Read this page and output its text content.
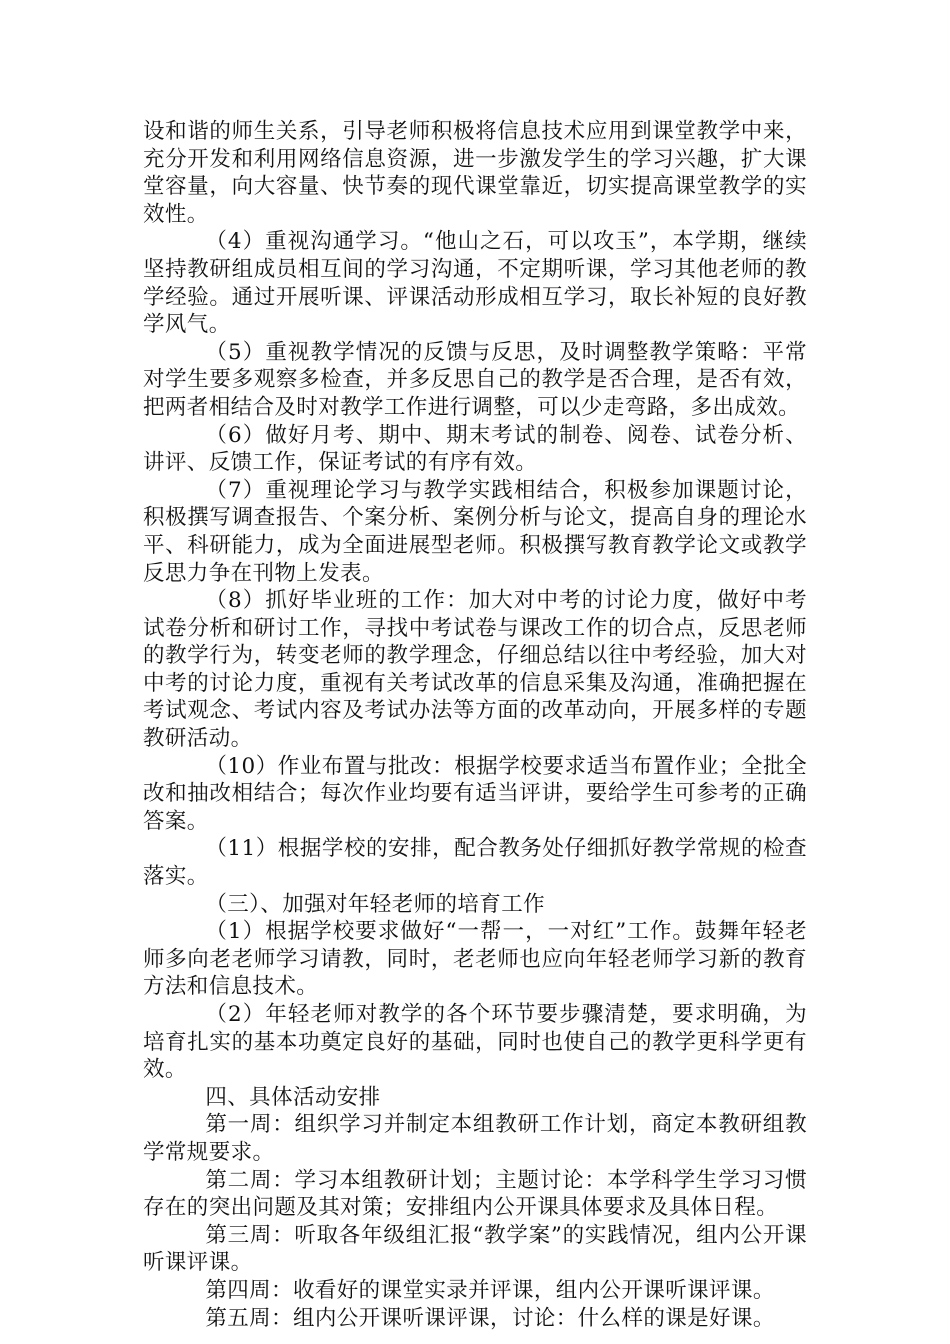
设和谐的师生关系，引导老师积极将信息技术应用到课堂教学中来，充分开发和利用网络信息资源，进一步激发学生的学习兴趣，扩大课堂容量，向大容量、快节奏的现代课堂靠近，切实提高课堂教学的实效性。

（4）重视沟通学习。“他山之石，可以攻玉”，本学期，继续坚持教研组成员相互间的学习沟通，不定期听课，学习其他老师的教学经验。通过开展听课、评课活动形成相互学习，取长补短的良好教学风气。

（5）重视教学情况的反馈与反思，及时调整教学策略：平常对学生要多观察多检查，并多反思自己的教学是否合理，是否有效，把两者相结合及时对教学工作进行调整，可以少走弯路，多出成效。

（6）做好月考、期中、期末考试的制卷、阅卷、试卷分析、讲评、反馈工作，保证考试的有序有效。

（7）重视理论学习与教学实践相结合，积极参加课题讨论，积极撰写调查报告、个案分析、案例分析与论文，提高自身的理论水平、科研能力，成为全面进展型老师。积极撰写教育教学论文或教学反思力争在刊物上发表。

（8）抓好毕业班的工作：加大对中考的讨论力度，做好中考试卷分析和研讨工作，寻找中考试卷与课改工作的切合点，反思老师的教学行为，转变老师的教学理念，仔细总结以往中考经验，加大对中考的讨论力度，重视有关考试改革的信息采集及沟通，准确把握在考试观念、考试内容及考试办法等方面的改革动向，开展多样的专题教研活动。

（10）作业布置与批改：根据学校要求适当布置作业；全批全改和抽改相结合；每次作业均要有适当评讲，要给学生可参考的正确答案。

（11）根据学校的安排，配合教务处仔细抓好教学常规的检查落实。

（三）、加强对年轻老师的培育工作

（1）根据学校要求做好“一帮一，一对红”工作。鼓舞年轻老师多向老老师学习请教，同时，老老师也应向年轻老师学习新的教育方法和信息技术。

（2）年轻老师对教学的各个环节要步骤清楚，要求明确，为培育扎实的基本功奠定良好的基础，同时也使自己的教学更科学更有效。

四、具体活动安排

第一周：组织学习并制定本组教研工作计划，商定本教研组教学常规要求。

第二周：学习本组教研计划；主题讨论：本学科学生学习习惯存在的突出问题及其对策；安排组内公开课具体要求及具体日程。

第三周：听取各年级组汇报“教学案”的实践情况，组内公开课听课评课。

第四周：收看好的课堂实录并评课，组内公开课听课评课。

第五周：组内公开课听课评课，讨论：什么样的课是好课。
